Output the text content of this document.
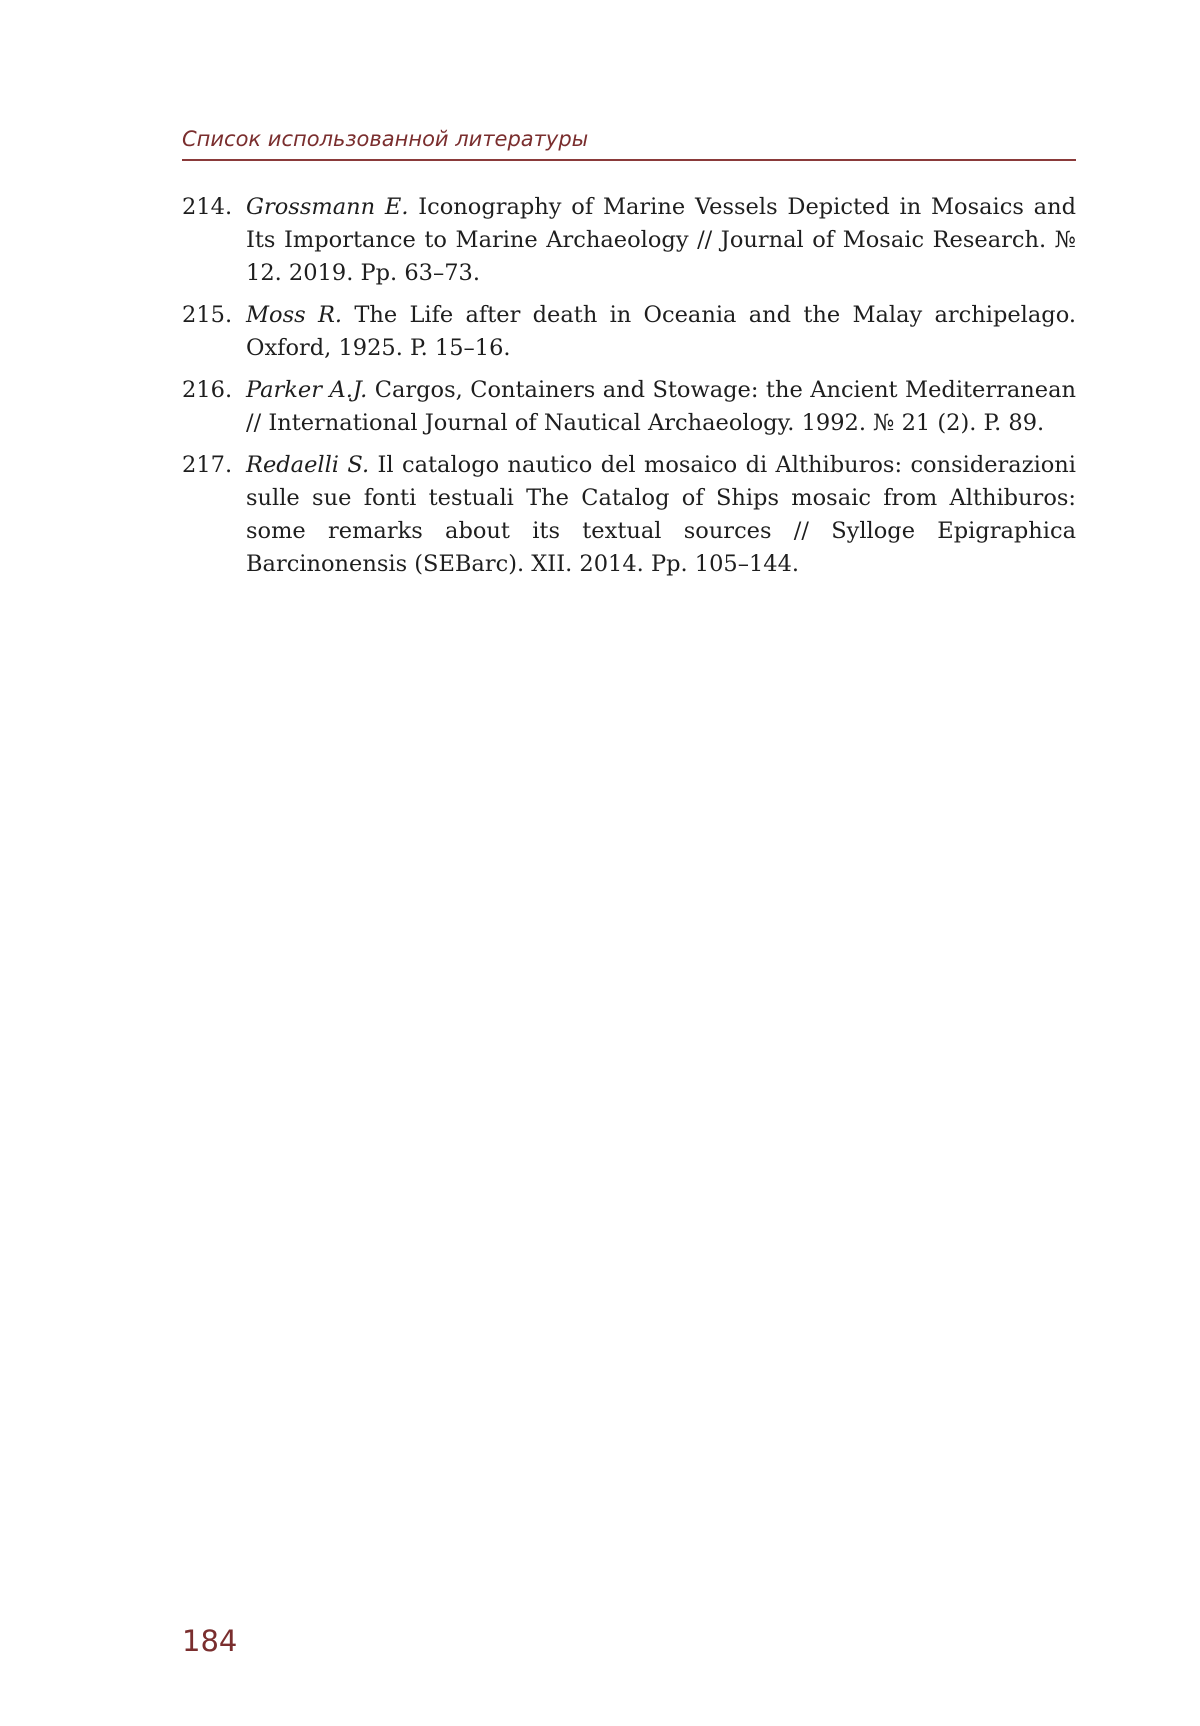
Список использованной литературы
214. Grossmann E. Iconography of Marine Vessels Depicted in Mosaics and Its Importance to Marine Archaeology // Journal of Mosaic Research. № 12. 2019. Pp. 63–73.
215. Moss R. The Life after death in Oceania and the Malay archipelago. Oxford, 1925. P. 15–16.
216. Parker A.J. Cargos, Containers and Stowage: the Ancient Mediterranean // International Journal of Nautical Archaeology. 1992. № 21 (2). P. 89.
217. Redaelli S. Il catalogo nautico del mosaico di Althiburos: considerazioni sulle sue fonti testuali The Catalog of Ships mosaic from Althiburos: some remarks about its textual sources // Sylloge Epigraphica Barcinonensis (SEBarc). XII. 2014. Pp. 105–144.
184
